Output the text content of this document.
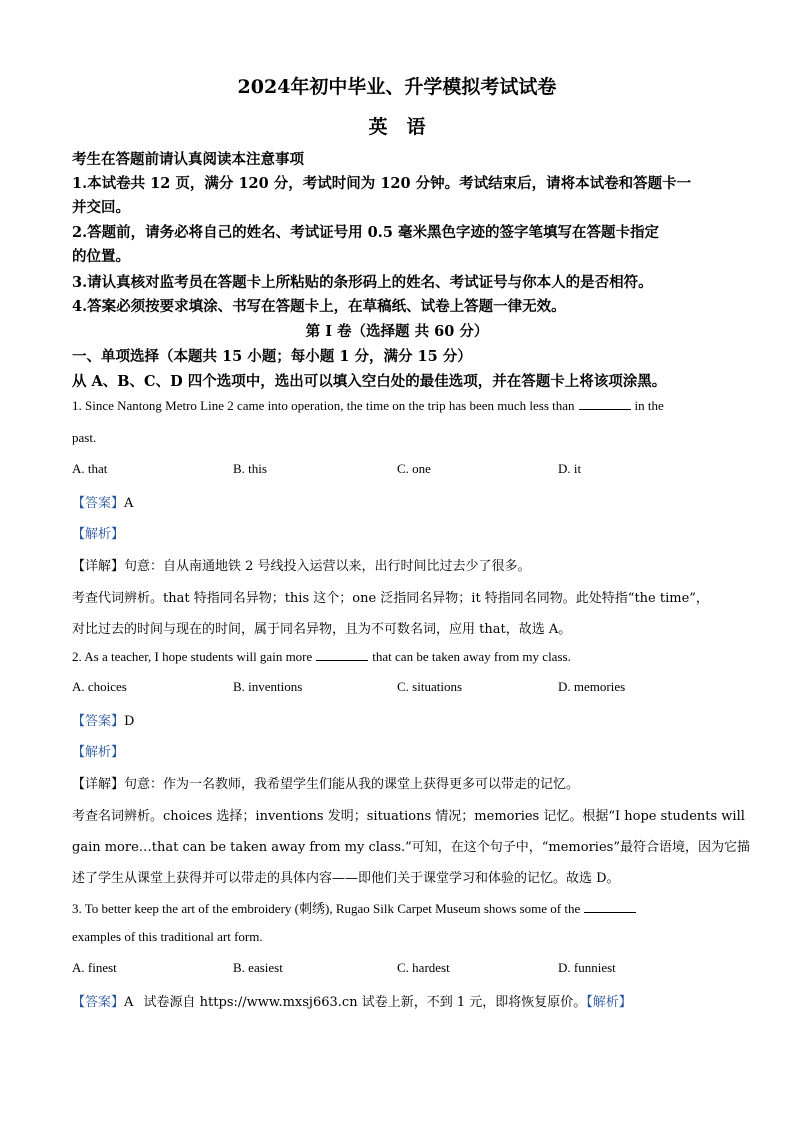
2024年初中毕业、升学模拟考试试卷
英　语
考生在答题前请认真阅读本注意事项
1.本试卷共 12 页，满分 120 分，考试时间为 120 分钟。考试结束后，请将本试卷和答题卡一
并交回。
2.答题前，请务必将自己的姓名、考试证号用 0.5 毫米黑色字迹的签字笔填写在答题卡指定
的位置。
3.请认真核对监考员在答题卡上所粘贴的条形码上的姓名、考试证号与你本人的是否相符。
4.答案必须按要求填涂、书写在答题卡上，在草稿纸、试卷上答题一律无效。
第 I 卷（选择题 共 60 分）
一、单项选择（本题共 15 小题；每小题 1 分，满分 15 分）
从 A、B、C、D 四个选项中，选出可以填入空白处的最佳选项，并在答题卡上将该项涂黑。
1. Since Nantong Metro Line 2 came into operation, the time on the trip has been much less than	in the
past.
A. that	B. this	C. one	D. it
【答案】A
【解析】
【详解】句意：自从南通地铁 2 号线投入运营以来，出行时间比过去少了很多。
考查代词辨析。that 特指同名异物；this 这个；one 泛指同名异物；it 特指同名同物。此处特指“the time”，
对比过去的时间与现在的时间，属于同名异物，且为不可数名词，应用 that，故选 A。
2. As a teacher, I hope students will gain more	that can be taken away from my class.
A. choices	B. inventions	C. situations	D. memories
【答案】D
【解析】
【详解】句意：作为一名教师，我希望学生们能从我的课堂上获得更多可以带走的记忆。
考查名词辨析。choices 选择；inventions 发明；situations 情况；memories 记忆。根据“I hope students will
gain more…that can be taken away from my class.”可知，在这个句子中，“memories”最符合语境，因为它描
述了学生从课堂上获得并可以带走的具体内容——即他们关于课堂学习和体验的记忆。故选 D。
3. To better keep the art of the embroidery (刺绣), Rugao Silk Carpet Museum shows some of the
examples of this traditional art form.
A. finest	B. easiest	C. hardest	D. funniest
【答案】A 试卷源自 https://www.mxsj663.cn 试卷上新，不到 1 元，即将恢复原价。【解析】
